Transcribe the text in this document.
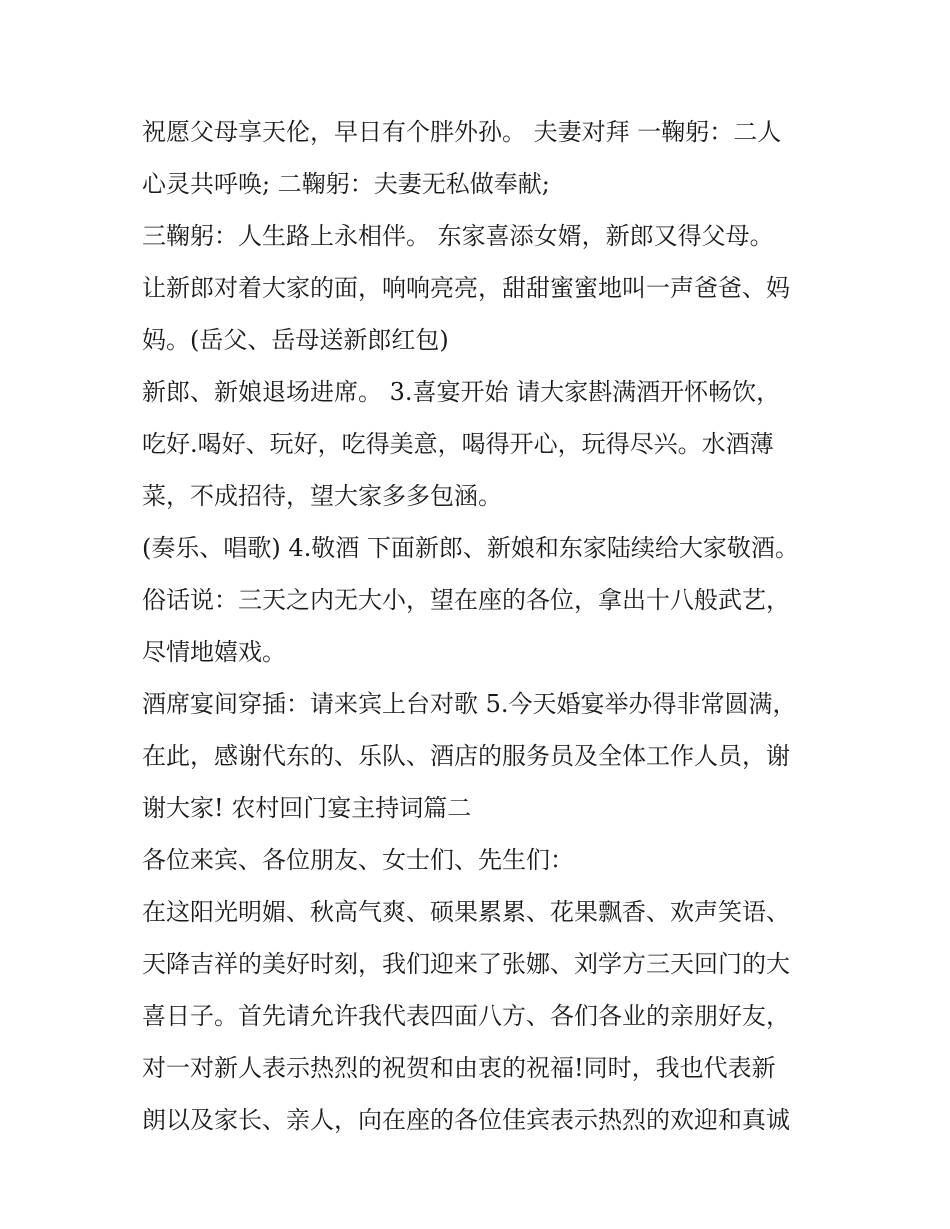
祝愿父母享天伦，早日有个胖外孙。 夫妻对拜 一鞠躬：二人
心灵共呼唤; 二鞠躬：夫妻无私做奉献;
三鞠躬：人生路上永相伴。 东家喜添女婿，新郎又得父母。
让新郎对着大家的面，响响亮亮，甜甜蜜蜜地叫一声爸爸、妈
妈。(岳父、岳母送新郎红包)
新郎、新娘退场进席。 3.喜宴开始 请大家斟满酒开怀畅饮，
吃好.喝好、玩好，吃得美意，喝得开心，玩得尽兴。水酒薄
菜，不成招待，望大家多多包涵。
(奏乐、唱歌) 4.敬酒 下面新郎、新娘和东家陆续给大家敬酒。
俗话说：三天之内无大小，望在座的各位，拿出十八般武艺，
尽情地嬉戏。
酒席宴间穿插：请来宾上台对歌 5.今天婚宴举办得非常圆满，
在此，感谢代东的、乐队、酒店的服务员及全体工作人员，谢
谢大家! 农村回门宴主持词篇二
各位来宾、各位朋友、女士们、先生们：
在这阳光明媚、秋高气爽、硕果累累、花果飘香、欢声笑语、
天降吉祥的美好时刻，我们迎来了张娜、刘学方三天回门的大
喜日子。首先请允许我代表四面八方、各们各业的亲朋好友，
对一对新人表示热烈的祝贺和由衷的祝福!同时，我也代表新
朗以及家长、亲人，向在座的各位佳宾表示热烈的欢迎和真诚
